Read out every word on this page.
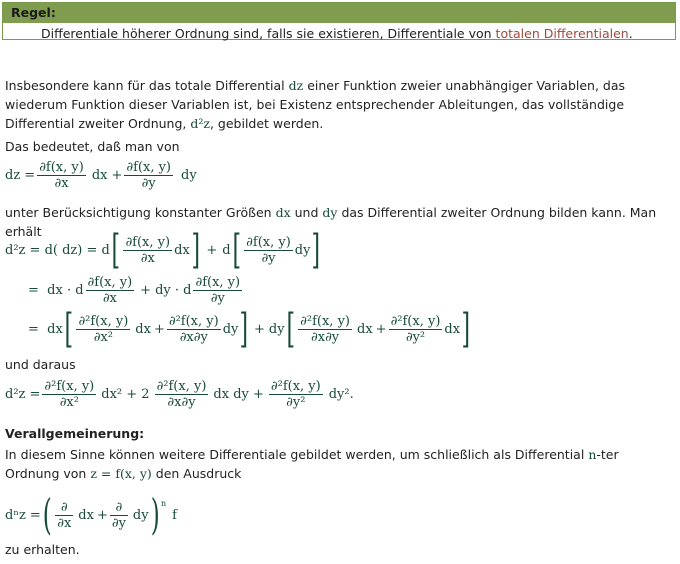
Regel:
Differentiale höherer Ordnung sind, falls sie existieren, Differentiale von totalen Differentialen.
Insbesondere kann für das totale Differential dz einer Funktion zweier unabhängiger Variablen, das wiederum Funktion dieser Variablen ist, bei Existenz entsprechender Ableitungen, das vollständige Differential zweiter Ordnung, d²z, gebildet werden.
Das bedeutet, daß man von
dz = $\frac{\partial f(x, y)}{\partial x}$ dx + $\frac{\partial f(x, y)}{\partial y}$ dy
unter Berücksichtigung konstanter Größen dx und dy das Differential zweiter Ordnung bilden kann. Man erhält
d²z =
d( dz) =
d [ $\frac{\partial f(x, y)}{\partial x}$ dx ] + d [ $\frac{\partial f(x, y)}{\partial y}$ dy ]
=
dx · d $\frac{\partial f(x, y)}{\partial x}$ + dy · d $\frac{\partial f(x, y)}{\partial y}$
=
dx [ $\frac{\text{∂²f(x, y)}}{\text{∂x²}}$ dx + $\frac{\text{∂²f(x, y)}}{\partial x\partial y}$ dy ] + dy [ $\frac{\text{∂²f(x, y)}}{\partial x\partial y}$ dx + $\frac{\text{∂²f(x, y)}}{\text{∂y²}}$ dx ]
und daraus
$d^2z = \frac{\text{∂²f(x, y)}}{\text{∂x²}} dx^2 + 2 \frac{\text{∂²f(x, y)}}{\partial x\partial y}$ dx dy + $\frac{\text{∂²f(x, y)}}{\text{∂y²}} dy^2$.
Verallgemeinerung:
In diesem Sinne können weitere Differentiale gebildet werden, um schließlich als Differential n-ter Ordnung von z = f(x, y) den Ausdruck
dⁿz = ( $\frac{\partial}{\partial x}$ dx + $\frac{\partial}{\partial y}$ dy )$^n$
f
zu erhalten.
